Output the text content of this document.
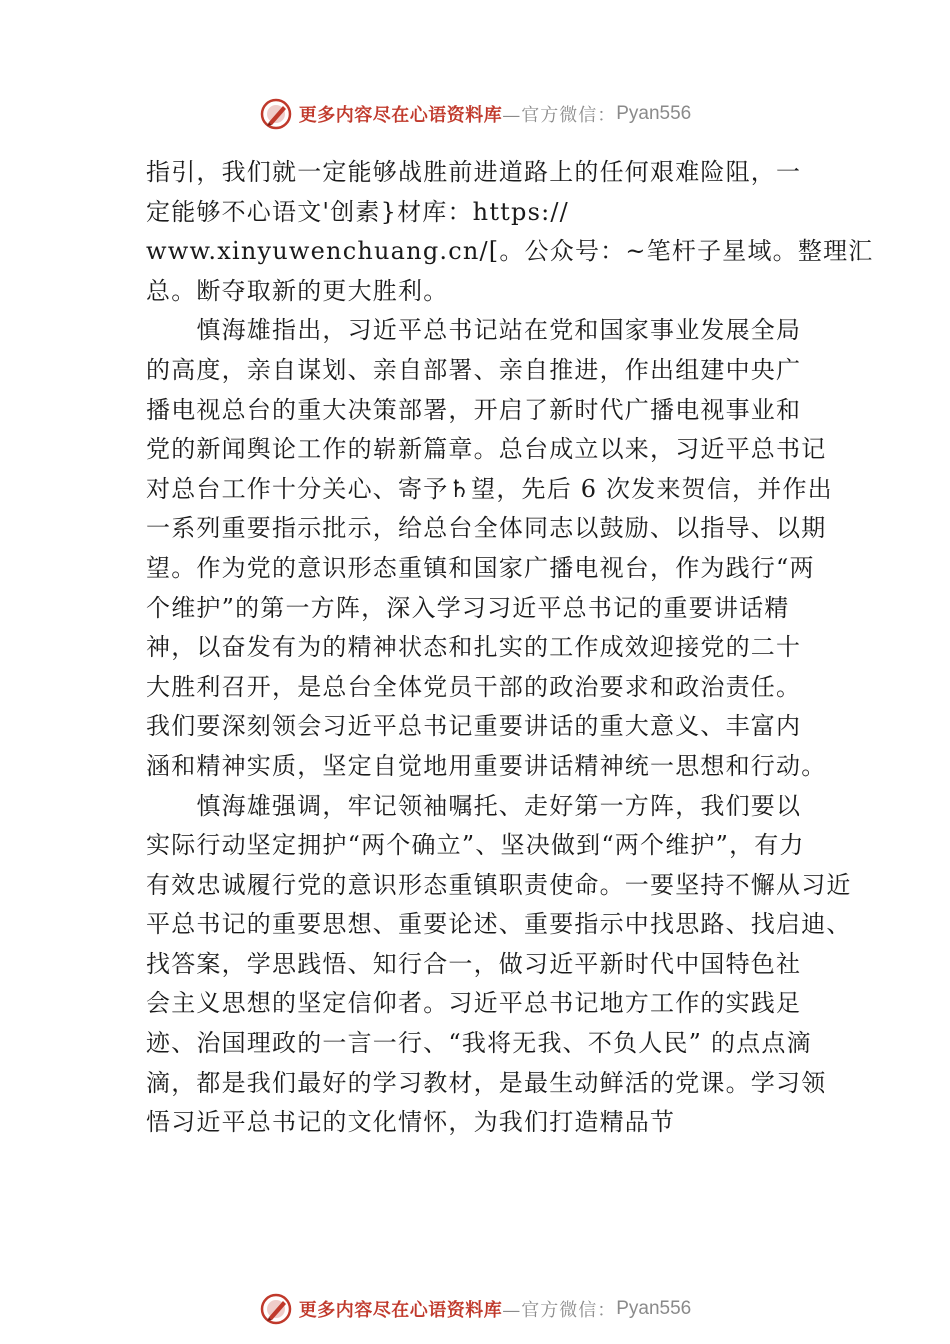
更多内容尽在心语资料库 —官方微信： Pyan556
指引，我们就一定能够战胜前进道路上的任何艰难险阻，一
定能够不心语文'创素}材库：https://
www.xinyuwenchuang.cn/[。公众号：~笔杆子星域。整理汇
总。断夺取新的更大胜利。
　　慎海雄指出，习近平总书记站在党和国家事业发展全局
的高度，亲自谋划、亲自部署、亲自推进，作出组建中央广
播电视总台的重大决策部署，开启了新时代广播电视事业和
党的新闻舆论工作的崭新篇章。总台成立以来，习近平总书记
对总台工作十分关心、寄予♄望，先后 6 次发来贺信，并作出
一系列重要指示批示，给总台全体同志以鼓励、以指导、以期
望。作为党的意识形态重镇和国家广播电视台，作为践行“两
个维护”的第一方阵，深入学习习近平总书记的重要讲话精
神，以奋发有为的精神状态和扎实的工作成效迎接党的二十
大胜利召开，是总台全体党员干部的政治要求和政治责任。
我们要深刻领会习近平总书记重要讲话的重大意义、丰富内
涵和精神实质，坚定自觉地用重要讲话精神统一思想和行动。
　　慎海雄强调，牢记领袖嘱托、走好第一方阵，我们要以
实际行动坚定拥护“两个确立”、坚决做到“两个维护”，有力
有效忠诚履行党的意识形态重镇职责使命。一要坚持不懈从习近
平总书记的重要思想、重要论述、重要指示中找思路、找启迪、
找答案，学思践悟、知行合一，做习近平新时代中国特色社
会主义思想的坚定信仰者。习近平总书记地方工作的实践足
迹、治国理政的一言一行、“我将无我、不负人民” 的点点滴
滴，都是我们最好的学习教材，是最生动鲜活的党课。学习领
悟习近平总书记的文化情怀，为我们打造精品节
更多内容尽在心语资料库 —官方微信： Pyan556
